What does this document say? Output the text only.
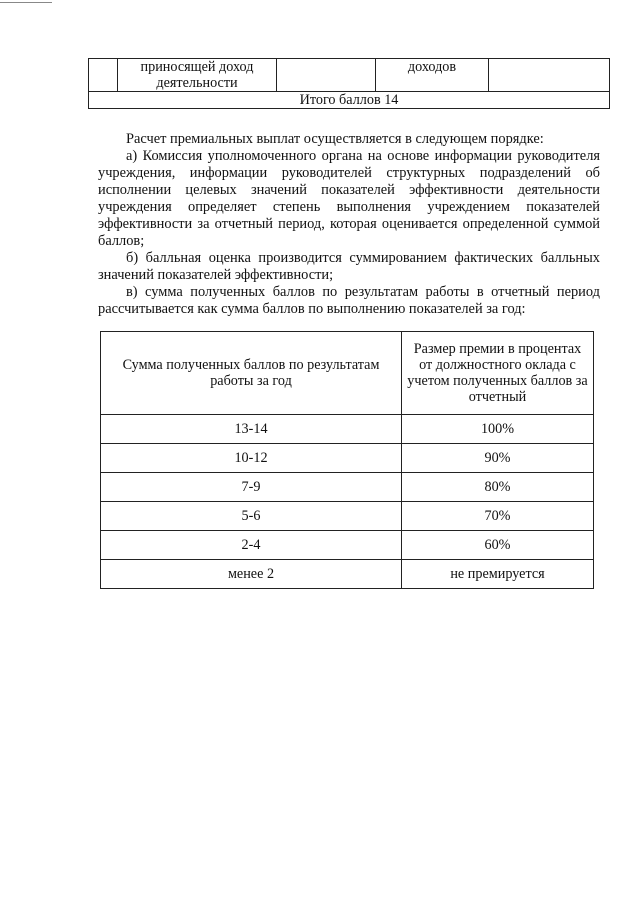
	приносящей доход деятельности		доходов	
Итого баллов 14

Расчет премиальных выплат осуществляется в следующем порядке:

а) Комиссия уполномоченного органа на основе информации руководителя учреждения, информации руководителей структурных подразделений об исполнении целевых значений показателей эффективности деятельности учреждения определяет степень выполнения учреждением показателей эффективности за отчетный период, которая оценивается определенной суммой баллов;

б) балльная оценка производится суммированием фактических балльных значений показателей эффективности;

в) сумма полученных баллов по результатам работы в отчетный период рассчитывается как сумма баллов по выполнению показателей за год:

Сумма полученных баллов по результатам работы за год	Размер премии в процентах от должностного оклада с учетом полученных баллов за отчетный
13-14	100%
10-12	90%
7-9	80%
5-6	70%
2-4	60%
менее 2	не премируется
